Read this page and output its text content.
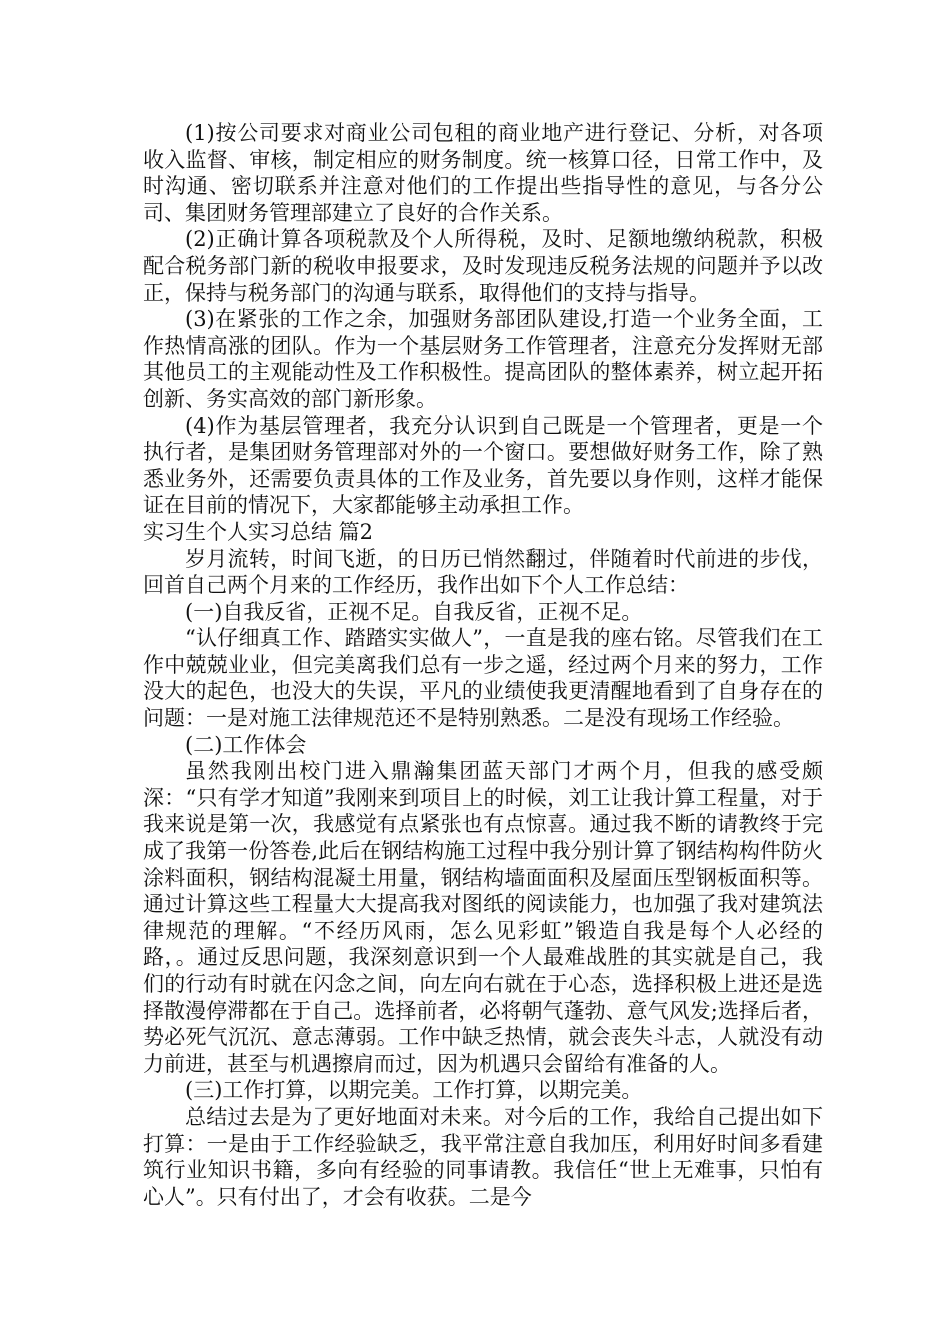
(1)按公司要求对商业公司包租的商业地产进行登记、分析，对各项收入监督、审核，制定相应的财务制度。统一核算口径，日常工作中，及时沟通、密切联系并注意对他们的工作提出些指导性的意见，与各分公司、集团财务管理部建立了良好的合作关系。

(2)正确计算各项税款及个人所得税，及时、足额地缴纳税款，积极配合税务部门新的税收申报要求，及时发现违反税务法规的问题并予以改正，保持与税务部门的沟通与联系，取得他们的支持与指导。

(3)在紧张的工作之余，加强财务部团队建设,打造一个业务全面，工作热情高涨的团队。作为一个基层财务工作管理者，注意充分发挥财无部其他员工的主观能动性及工作积极性。提高团队的整体素养，树立起开拓创新、务实高效的部门新形象。

(4)作为基层管理者，我充分认识到自己既是一个管理者，更是一个执行者，是集团财务管理部对外的一个窗口。要想做好财务工作，除了熟悉业务外，还需要负责具体的工作及业务，首先要以身作则，这样才能保证在目前的情况下，大家都能够主动承担工作。

实习生个人实习总结 篇2

岁月流转，时间飞逝，的日历已悄然翻过，伴随着时代前进的步伐，回首自己两个月来的工作经历，我作出如下个人工作总结：

(一)自我反省，正视不足。自我反省，正视不足。

“认仔细真工作、踏踏实实做人”，一直是我的座右铭。尽管我们在工作中兢兢业业，但完美离我们总有一步之遥，经过两个月来的努力，工作没大的起色，也没大的失误，平凡的业绩使我更清醒地看到了自身存在的问题：一是对施工法律规范还不是特别熟悉。二是没有现场工作经验。

(二)工作体会

虽然我刚出校门进入鼎瀚集团蓝天部门才两个月，但我的感受颇深：“只有学才知道”我刚来到项目上的时候，刘工让我计算工程量，对于我来说是第一次，我感觉有点紧张也有点惊喜。通过我不断的请教终于完成了我第一份答卷,此后在钢结构施工过程中我分别计算了钢结构构件防火涂料面积，钢结构混凝土用量，钢结构墙面面积及屋面压型钢板面积等。通过计算这些工程量大大提高我对图纸的阅读能力，也加强了我对建筑法律规范的理解。“不经历风雨，怎么见彩虹”锻造自我是每个人必经的路，。通过反思问题，我深刻意识到一个人最难战胜的其实就是自己，我们的行动有时就在闪念之间，向左向右就在于心态，选择积极上进还是选择散漫停滞都在于自己。选择前者，必将朝气蓬勃、意气风发;选择后者，势必死气沉沉、意志薄弱。工作中缺乏热情，就会丧失斗志，人就没有动力前进，甚至与机遇擦肩而过，因为机遇只会留给有准备的人。

(三)工作打算，以期完美。工作打算，以期完美。

总结过去是为了更好地面对未来。对今后的工作，我给自己提出如下打算：一是由于工作经验缺乏，我平常注意自我加压，利用好时间多看建筑行业知识书籍，多向有经验的同事请教。我信任“世上无难事，只怕有心人”。只有付出了，才会有收获。二是今
